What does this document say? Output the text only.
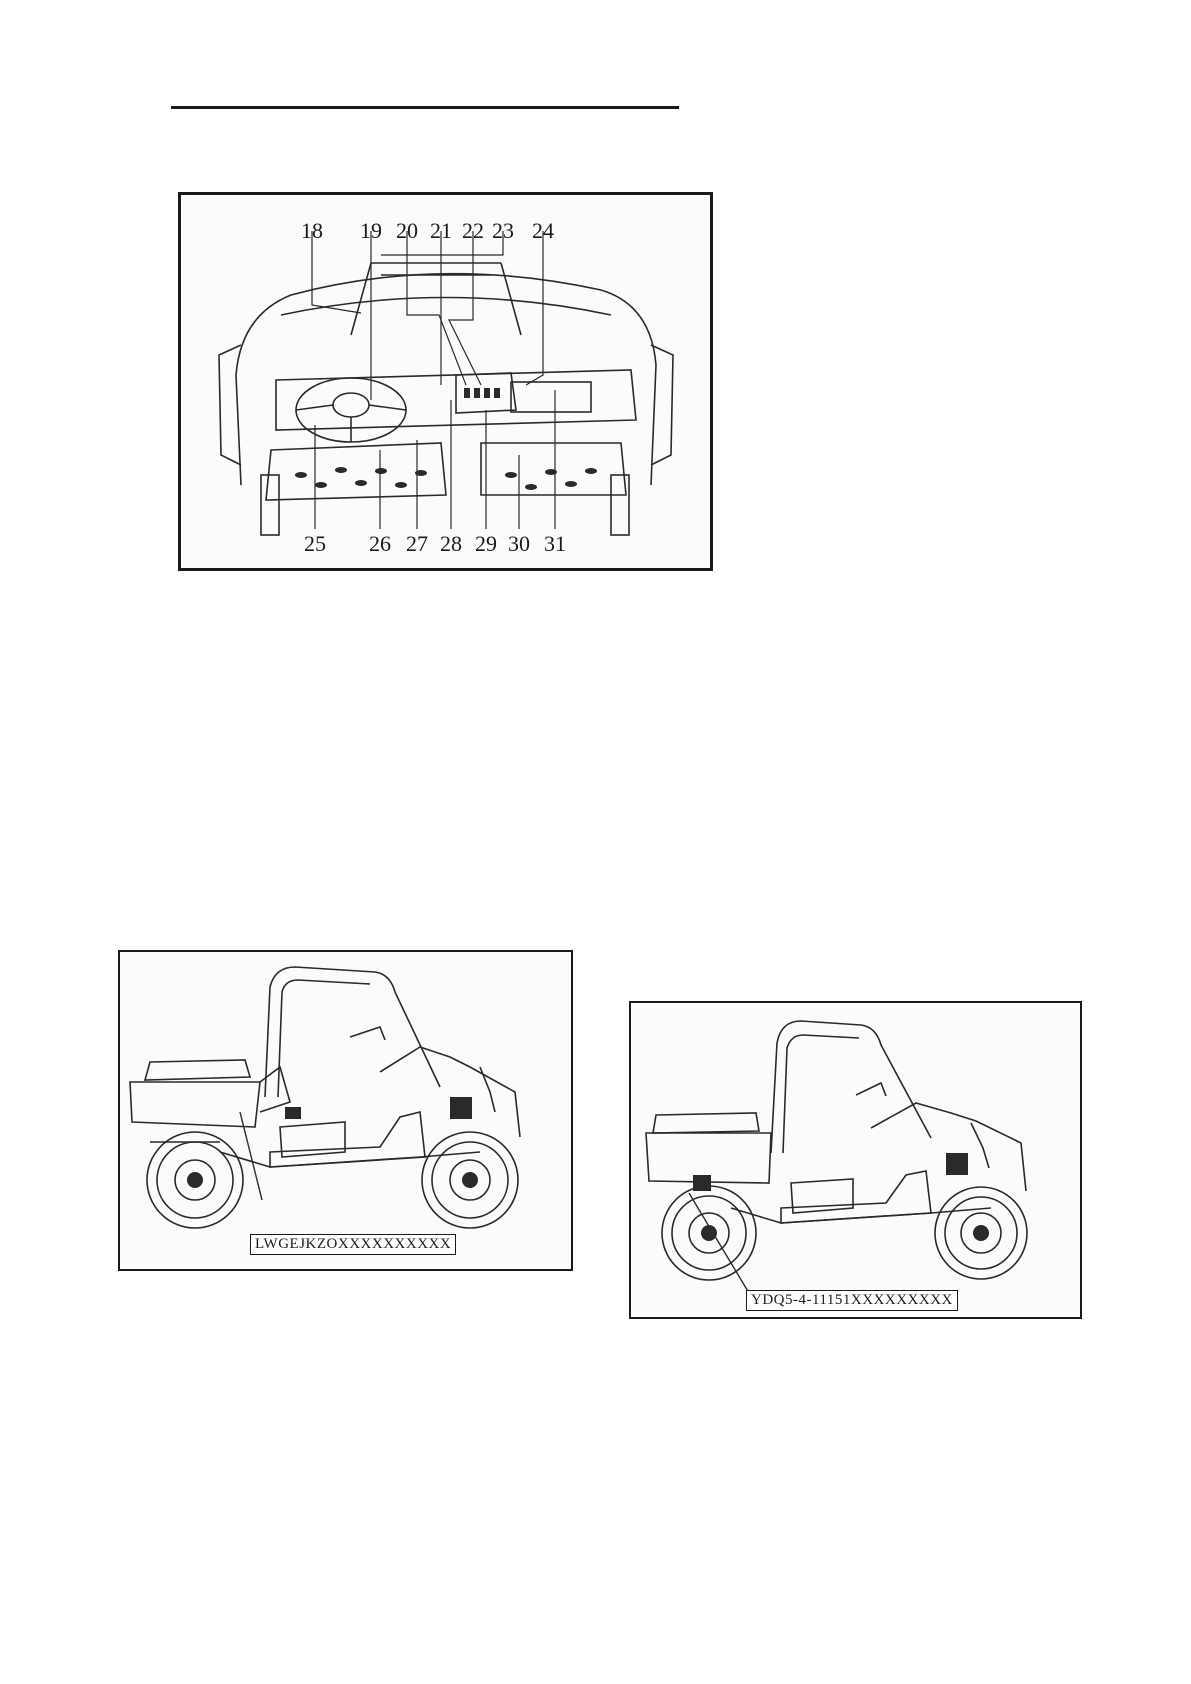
18	19 20 21 22 23 24
25	26 27 28 29 30 31
LWGEJKZOXXXXXXXXXX
YDQ5-4-11151XXXXXXXXX
